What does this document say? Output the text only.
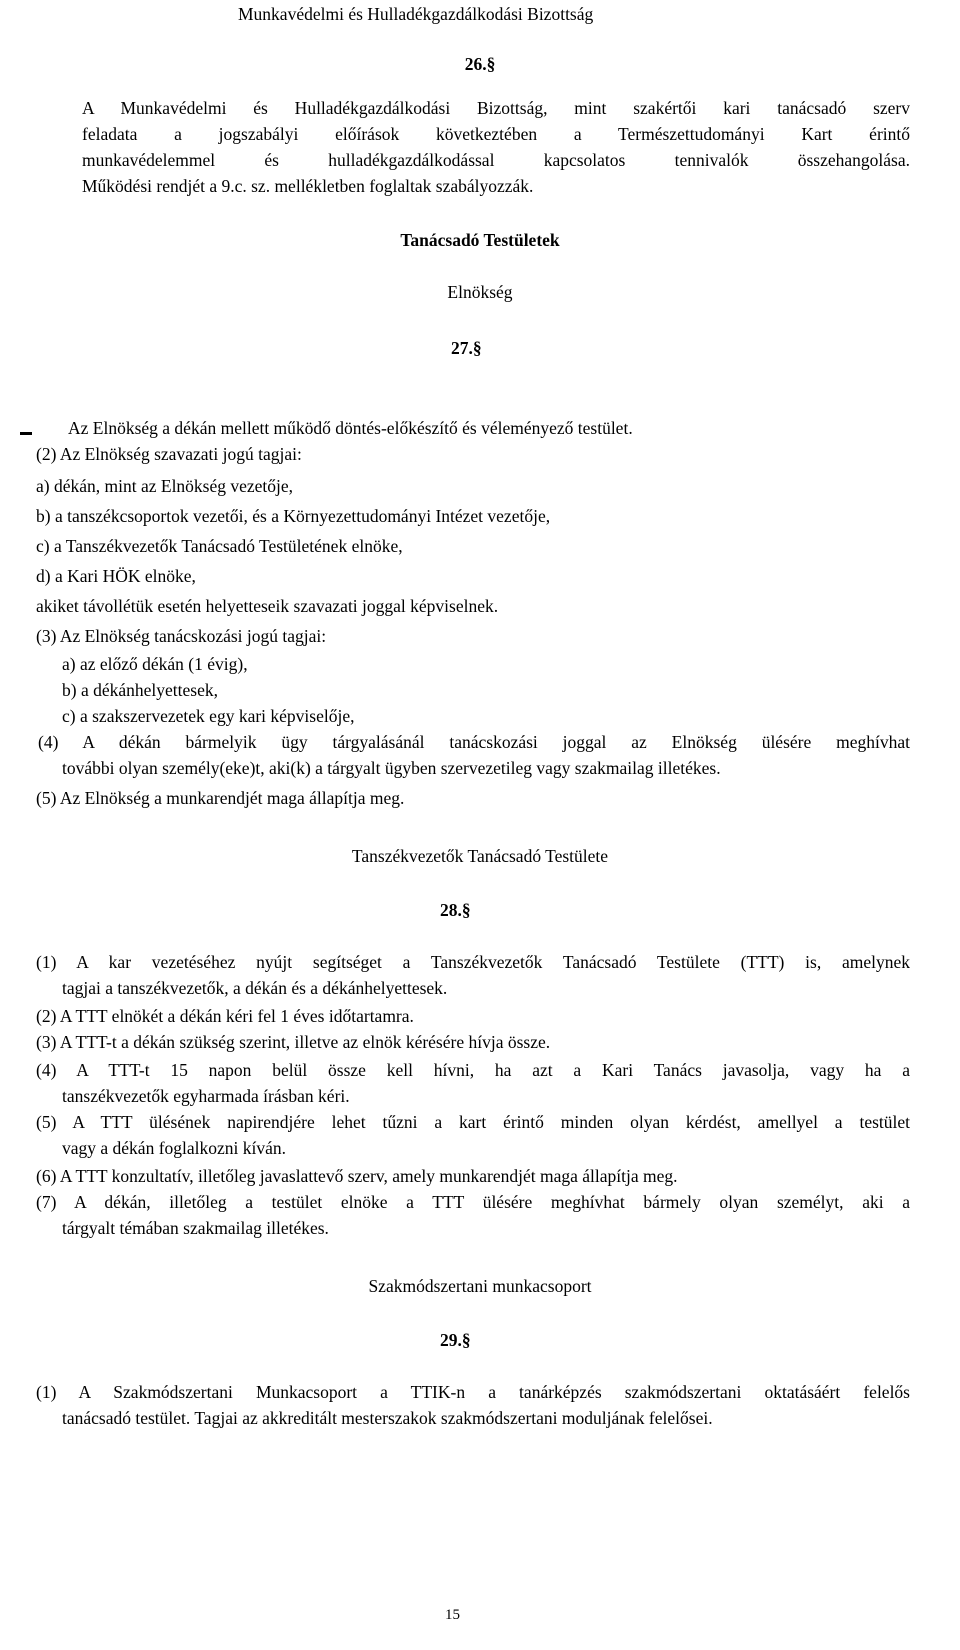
Munkavédelmi és Hulladékgazdálkodási Bizottság
26.§
A Munkavédelmi és Hulladékgazdálkodási Bizottság, mint szakértői kari tanácsadó szerv
feladata a jogszabályi előírások következtében a Természettudományi Kart érintő
munkavédelemmel és hulladékgazdálkodással kapcsolatos tennivalók összehangolása.
Működési rendjét a 9.c. sz. mellékletben foglaltak szabályozzák.
Tanácsadó Testületek
Elnökség
27.§
Az Elnökség a dékán mellett működő döntés-előkészítő és véleményező testület.
(2) Az Elnökség szavazati jogú tagjai:
a) dékán, mint az Elnökség vezetője,
b) a tanszékcsoportok vezetői, és a Környezettudományi Intézet vezetője,
c) a Tanszékvezetők Tanácsadó Testületének elnöke,
d) a Kari HÖK elnöke,
akiket távollétük esetén helyetteseik szavazati joggal képviselnek.
(3) Az Elnökség tanácskozási jogú tagjai:
a) az előző dékán (1 évig),
b) a dékánhelyettesek,
c) a szakszervezetek egy kari képviselője,
(4) A dékán bármelyik ügy tárgyalásánál tanácskozási joggal az Elnökség ülésére meghívhat
további olyan személy(eke)t, aki(k) a tárgyalt ügyben szervezetileg vagy szakmailag illetékes.
(5) Az Elnökség a munkarendjét maga állapítja meg.
Tanszékvezetők Tanácsadó Testülete
28.§
(1) A kar vezetéséhez nyújt segítséget a Tanszékvezetők Tanácsadó Testülete (TTT) is, amelynek
tagjai a tanszékvezetők, a dékán és a dékánhelyettesek.
(2) A TTT elnökét a dékán kéri fel 1 éves időtartamra.
(3) A TTT-t a dékán szükség szerint, illetve az elnök kérésére hívja össze.
(4) A TTT-t 15 napon belül össze kell hívni, ha azt a Kari Tanács javasolja, vagy ha a
tanszékvezetők egyharmada írásban kéri.
(5) A TTT ülésének napirendjére lehet tűzni a kart érintő minden olyan kérdést, amellyel a testület
vagy a dékán foglalkozni kíván.
(6) A TTT konzultatív, illetőleg javaslattevő szerv, amely munkarendjét maga állapítja meg.
(7) A dékán, illetőleg a testület elnöke a TTT ülésére meghívhat bármely olyan személyt, aki a
tárgyalt témában szakmailag illetékes.
Szakmódszertani munkacsoport
29.§
(1) A Szakmódszertani Munkacsoport a TTIK-n a tanárképzés szakmódszertani oktatásáért felelős
tanácsadó testület. Tagjai az akkreditált mesterszakok szakmódszertani moduljának felelősei.
15
